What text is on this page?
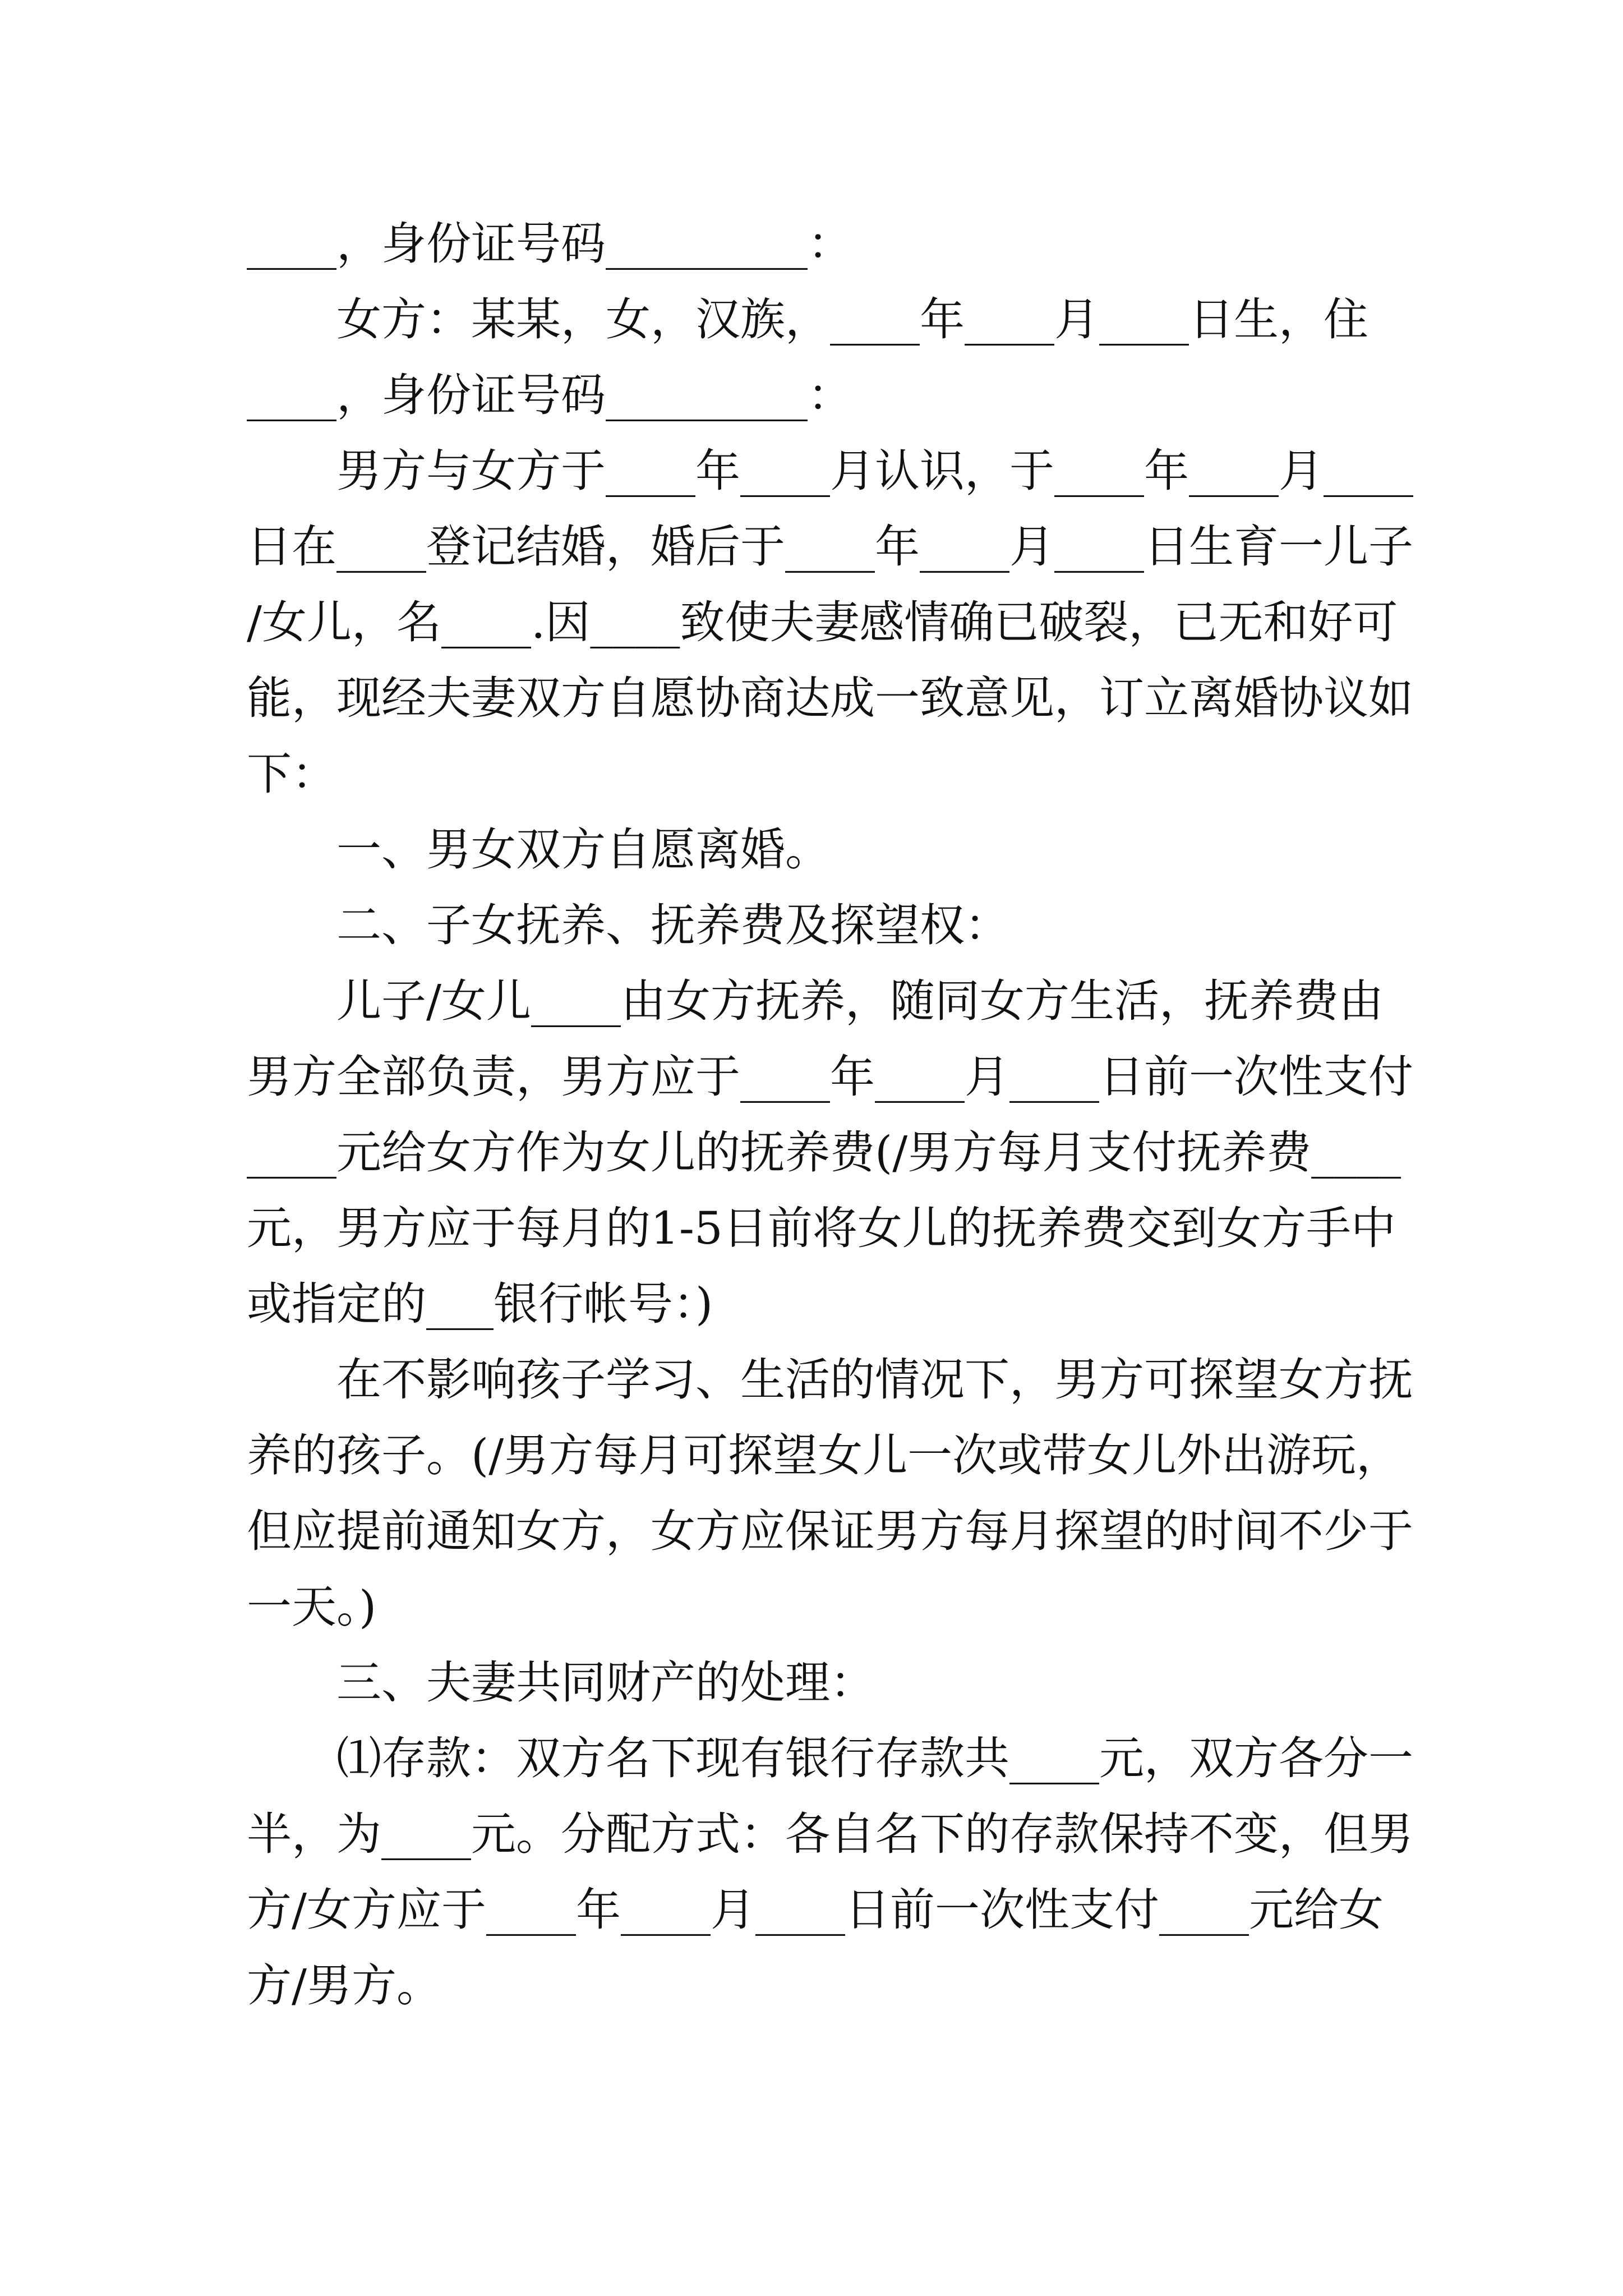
____，身份证号码_________：
女方：某某，女，汉族，____年____月____日生，住
____，身份证号码_________：
男方与女方于____年____月认识，于____年____月____
日在____登记结婚，婚后于____年____月____日生育一儿子
/女儿，名____.因____致使夫妻感情确已破裂，已无和好可
能，现经夫妻双方自愿协商达成一致意见，订立离婚协议如
下：
一、男女双方自愿离婚。
二、子女抚养、抚养费及探望权：
儿子/女儿____由女方抚养，随同女方生活，抚养费由
男方全部负责，男方应于____年____月____日前一次性支付
____元给女方作为女儿的抚养费(/男方每月支付抚养费____
元，男方应于每月的1-5日前将女儿的抚养费交到女方手中
或指定的___银行帐号：)
在不影响孩子学习、生活的情况下，男方可探望女方抚
养的孩子。(/男方每月可探望女儿一次或带女儿外出游玩，
但应提前通知女方，女方应保证男方每月探望的时间不少于
一天。)
三、夫妻共同财产的处理：
⑴存款：双方名下现有银行存款共____元，双方各分一
半，为____元。分配方式：各自名下的存款保持不变，但男
方/女方应于____年____月____日前一次性支付____元给女
方/男方。
